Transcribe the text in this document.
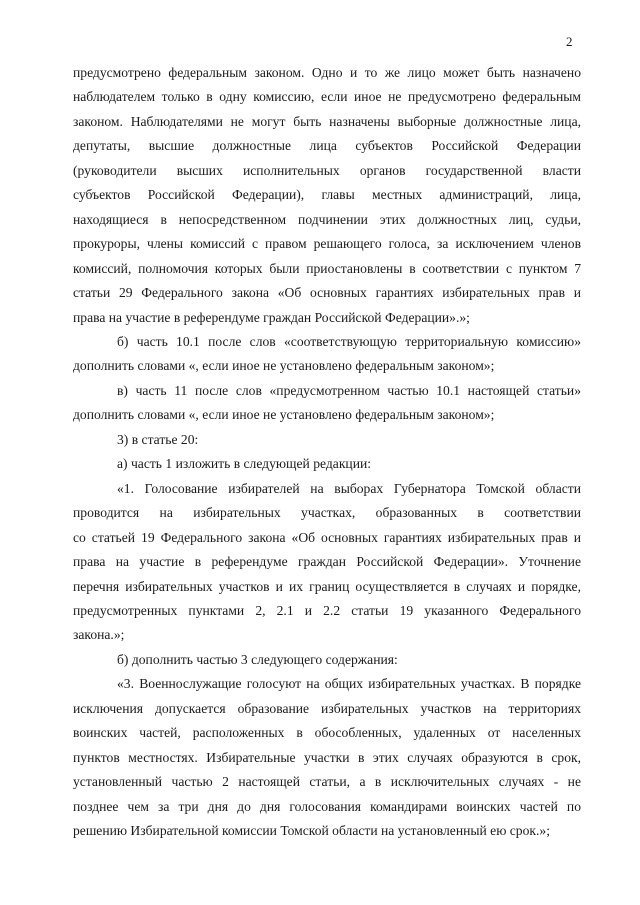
2

предусмотрено федеральным законом. Одно и то же лицо может быть назначено
наблюдателем только в одну комиссию, если иное не предусмотрено федеральным
законом. Наблюдателями не могут быть назначены выборные должностные лица,
депутаты, высшие должностные лица субъектов Российской Федерации
(руководители высших исполнительных органов государственной власти
субъектов Российской Федерации), главы местных администраций, лица,
находящиеся в непосредственном подчинении этих должностных лиц, судьи,
прокуроры, члены комиссий с правом решающего голоса, за исключением членов
комиссий, полномочия которых были приостановлены в соответствии с пунктом 7
статьи 29 Федерального закона «Об основных гарантиях избирательных прав и
права на участие в референдуме граждан Российской Федерации».»;

б) часть 10.1 после слов «соответствующую территориальную комиссию»
дополнить словами «, если иное не установлено федеральным законом»;

в) часть 11 после слов «предусмотренном частью 10.1 настоящей статьи»
дополнить словами «, если иное не установлено федеральным законом»;

3) в статье 20:

а) часть 1 изложить в следующей редакции:

«1. Голосование избирателей на выборах Губернатора Томской области
проводится на избирательных участках, образованных в соответствии
со статьей 19 Федерального закона «Об основных гарантиях избирательных прав и
права на участие в референдуме граждан Российской Федерации». Уточнение
перечня избирательных участков и их границ осуществляется в случаях и порядке,
предусмотренных пунктами 2, 2.1 и 2.2 статьи 19 указанного Федерального
закона.»;

б) дополнить частью 3 следующего содержания:

«3. Военнослужащие голосуют на общих избирательных участках. В порядке
исключения допускается образование избирательных участков на территориях
воинских частей, расположенных в обособленных, удаленных от населенных
пунктов местностях. Избирательные участки в этих случаях образуются в срок,
установленный частью 2 настоящей статьи, а в исключительных случаях - не
позднее чем за три дня до дня голосования командирами воинских частей по
решению Избирательной комиссии Томской области на установленный ею срок.»;
